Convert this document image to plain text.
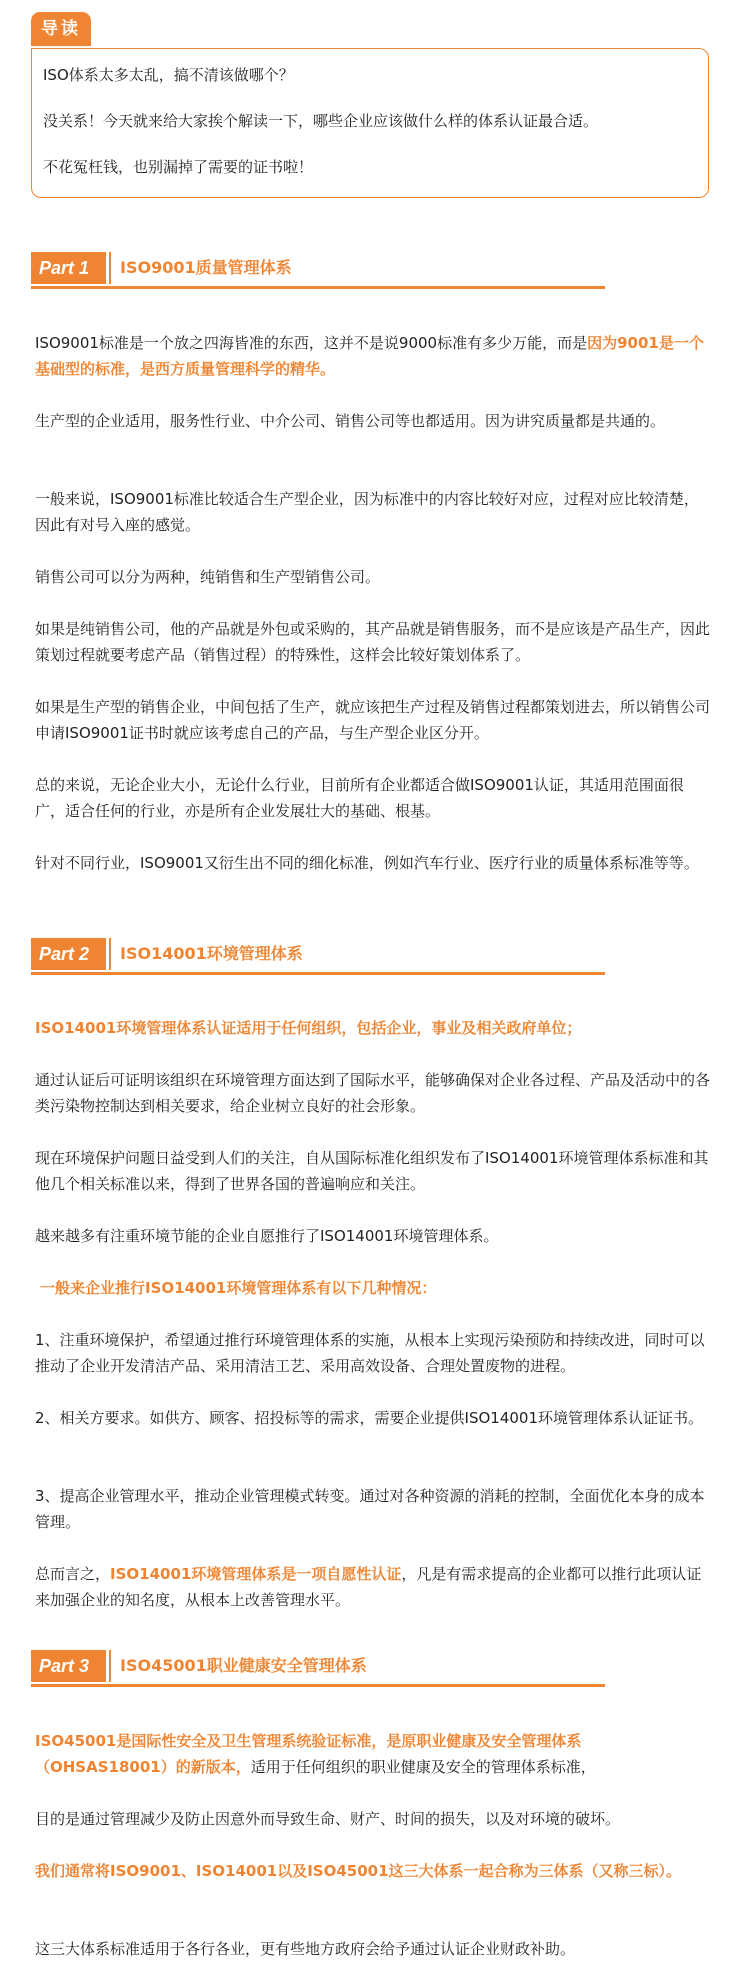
导读

ISO体系太多太乱，搞不清该做哪个？

没关系！今天就来给大家挨个解读一下，哪些企业应该做什么样的体系认证最合适。

不花冤枉钱，也别漏掉了需要的证书啦！

Part 1	ISO9001质量管理体系

ISO9001标准是一个放之四海皆准的东西，这并不是说9000标准有多少万能，而是因为9001是一个基础型的标准，是西方质量管理科学的精华。

生产型的企业适用，服务性行业、中介公司、销售公司等也都适用。因为讲究质量都是共通的。

一般来说，ISO9001标准比较适合生产型企业，因为标准中的内容比较好对应，过程对应比较清楚，因此有对号入座的感觉。

销售公司可以分为两种，纯销售和生产型销售公司。

如果是纯销售公司，他的产品就是外包或采购的，其产品就是销售服务，而不是应该是产品生产，因此策划过程就要考虑产品（销售过程）的特殊性，这样会比较好策划体系了。

如果是生产型的销售企业，中间包括了生产，就应该把生产过程及销售过程都策划进去，所以销售公司申请ISO9001证书时就应该考虑自己的产品，与生产型企业区分开。

总的来说，无论企业大小，无论什么行业，目前所有企业都适合做ISO9001认证，其适用范围面很广，适合任何的行业，亦是所有企业发展壮大的基础、根基。

针对不同行业，ISO9001又衍生出不同的细化标准，例如汽车行业、医疗行业的质量体系标准等等。

Part 2	ISO14001环境管理体系

ISO14001环境管理体系认证适用于任何组织，包括企业，事业及相关政府单位；

通过认证后可证明该组织在环境管理方面达到了国际水平，能够确保对企业各过程、产品及活动中的各类污染物控制达到相关要求，给企业树立良好的社会形象。

现在环境保护问题日益受到人们的关注，自从国际标准化组织发布了ISO14001环境管理体系标准和其他几个相关标准以来，得到了世界各国的普遍响应和关注。

越来越多有注重环境节能的企业自愿推行了ISO14001环境管理体系。

一般来企业推行ISO14001环境管理体系有以下几种情况：

1、注重环境保护，希望通过推行环境管理体系的实施，从根本上实现污染预防和持续改进，同时可以推动了企业开发清洁产品、采用清洁工艺、采用高效设备、合理处置废物的进程。

2、相关方要求。如供方、顾客、招投标等的需求，需要企业提供ISO14001环境管理体系认证证书。

3、提高企业管理水平，推动企业管理模式转变。通过对各种资源的消耗的控制，全面优化本身的成本管理。

总而言之，ISO14001环境管理体系是一项自愿性认证，凡是有需求提高的企业都可以推行此项认证来加强企业的知名度，从根本上改善管理水平。

Part 3	ISO45001职业健康安全管理体系

ISO45001是国际性安全及卫生管理系统验证标准，是原职业健康及安全管理体系（OHSAS18001）的新版本，适用于任何组织的职业健康及安全的管理体系标准，

目的是通过管理减少及防止因意外而导致生命、财产、时间的损失，以及对环境的破坏。

我们通常将ISO9001、ISO14001以及ISO45001这三大体系一起合称为三体系（又称三标）。

这三大体系标准适用于各行各业，更有些地方政府会给予通过认证企业财政补助。
